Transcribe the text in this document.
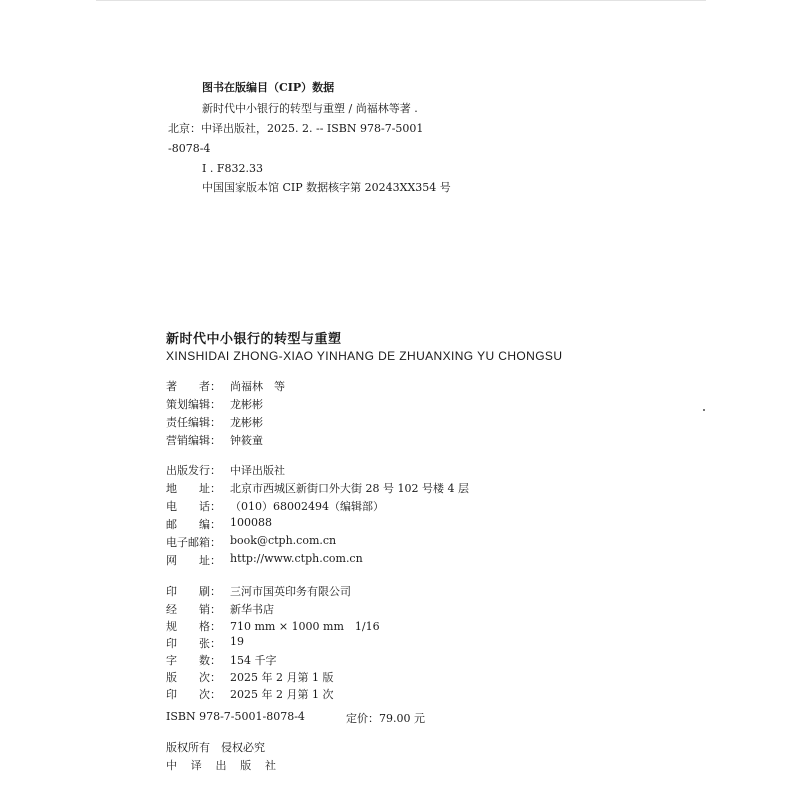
图书在版编目（CIP）数据
新时代中小银行的转型与重塑 / 尚福林等著 .
北京：中译出版社，2025. 2. -- ISBN 978-7-5001
-8078-4
Ⅰ . F832.33
中国国家版本馆 CIP 数据核字第 20243XX354 号
新时代中小银行的转型与重塑
XINSHIDAI ZHONG-XIAO YINHANG DE ZHUANXING YU CHONGSU
著　　者： 尚福林　等
策划编辑： 龙彬彬
责任编辑： 龙彬彬
营销编辑： 钟筱童
出版发行： 中译出版社
地　　址： 北京市西城区新街口外大街 28 号 102 号楼 4 层
电　　话： （010）68002494（编辑部）
邮　　编： 100088
电子邮箱： book@ctph.com.cn
网　　址： http://www.ctph.com.cn
印　　刷： 三河市国英印务有限公司
经　　销： 新华书店
规　　格： 710 mm × 1000 mm　1/16
印　　张： 19
字　　数： 154 千字
版　　次： 2025 年 2 月第 1 版
印　　次： 2025 年 2 月第 1 次
ISBN 978-7-5001-8078-4	定价：79.00 元
版权所有　侵权必究
中 译 出 版 社
